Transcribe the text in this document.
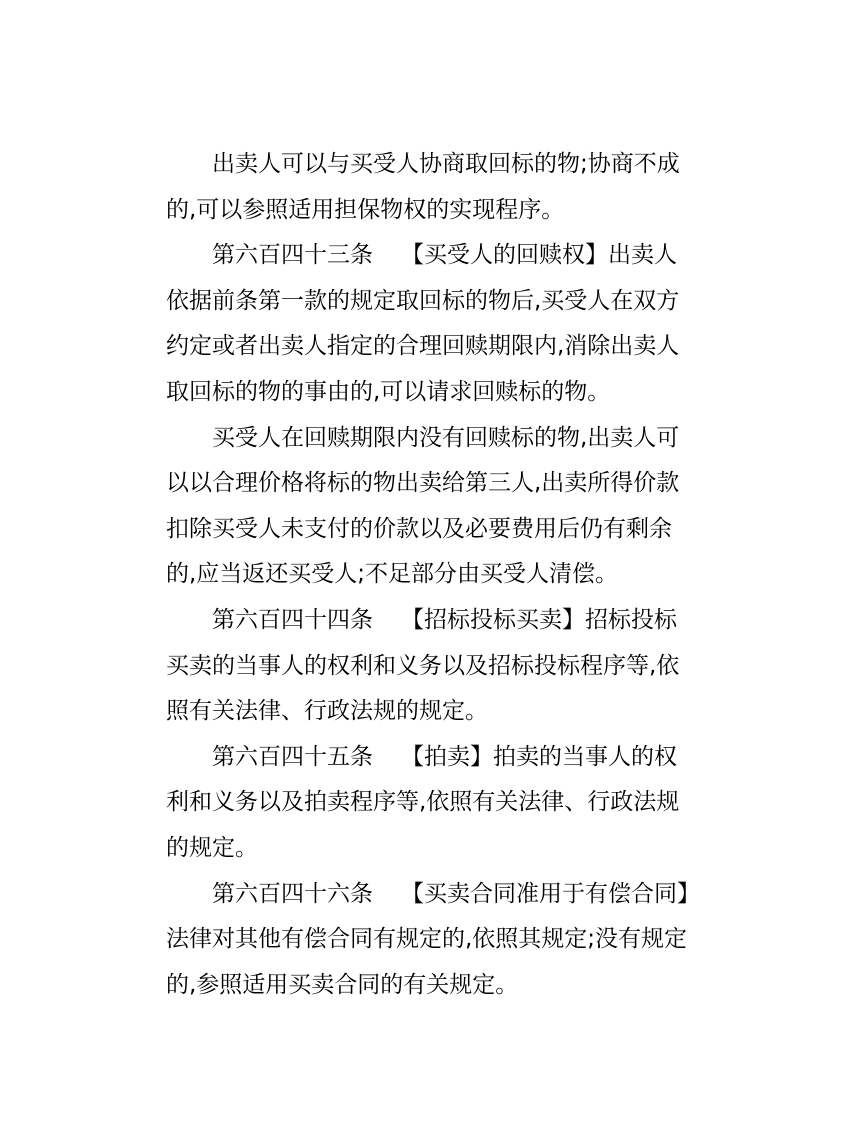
出卖人可以与买受人协商取回标的物;协商不成
的,可以参照适用担保物权的实现程序。
第六百四十三条 【买受人的回赎权】出卖人
依据前条第一款的规定取回标的物后,买受人在双方
约定或者出卖人指定的合理回赎期限内,消除出卖人
取回标的物的事由的,可以请求回赎标的物。
买受人在回赎期限内没有回赎标的物,出卖人可
以以合理价格将标的物出卖给第三人,出卖所得价款
扣除买受人未支付的价款以及必要费用后仍有剩余
的,应当返还买受人;不足部分由买受人清偿。
第六百四十四条 【招标投标买卖】招标投标
买卖的当事人的权利和义务以及招标投标程序等,依
照有关法律、行政法规的规定。
第六百四十五条 【拍卖】拍卖的当事人的权
利和义务以及拍卖程序等,依照有关法律、行政法规
的规定。
第六百四十六条 【买卖合同准用于有偿合同】
法律对其他有偿合同有规定的,依照其规定;没有规定
的,参照适用买卖合同的有关规定。
